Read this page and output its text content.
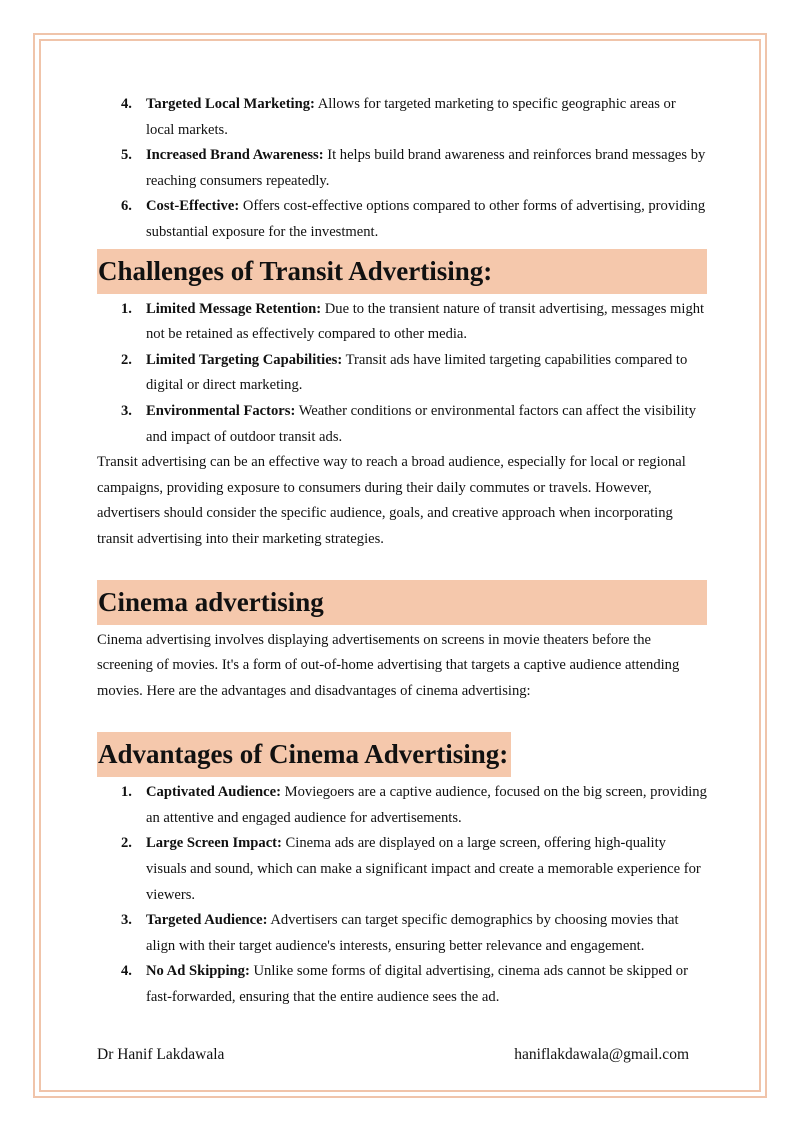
4. Targeted Local Marketing: Allows for targeted marketing to specific geographic areas or local markets.
5. Increased Brand Awareness: It helps build brand awareness and reinforces brand messages by reaching consumers repeatedly.
6. Cost-Effective: Offers cost-effective options compared to other forms of advertising, providing substantial exposure for the investment.
Challenges of Transit Advertising:
1. Limited Message Retention: Due to the transient nature of transit advertising, messages might not be retained as effectively compared to other media.
2. Limited Targeting Capabilities: Transit ads have limited targeting capabilities compared to digital or direct marketing.
3. Environmental Factors: Weather conditions or environmental factors can affect the visibility and impact of outdoor transit ads.

Transit advertising can be an effective way to reach a broad audience, especially for local or regional campaigns, providing exposure to consumers during their daily commutes or travels. However, advertisers should consider the specific audience, goals, and creative approach when incorporating transit advertising into their marketing strategies.

Cinema advertising

Cinema advertising involves displaying advertisements on screens in movie theaters before the screening of movies. It's a form of out-of-home advertising that targets a captive audience attending movies. Here are the advantages and disadvantages of cinema advertising:

Advantages of Cinema Advertising:
1. Captivated Audience: Moviegoers are a captive audience, focused on the big screen, providing an attentive and engaged audience for advertisements.
2. Large Screen Impact: Cinema ads are displayed on a large screen, offering high-quality visuals and sound, which can make a significant impact and create a memorable experience for viewers.
3. Targeted Audience: Advertisers can target specific demographics by choosing movies that align with their target audience's interests, ensuring better relevance and engagement.
4. No Ad Skipping: Unlike some forms of digital advertising, cinema ads cannot be skipped or fast-forwarded, ensuring that the entire audience sees the ad.
Dr Hanif Lakdawala	haniflakdawala@gmail.com
